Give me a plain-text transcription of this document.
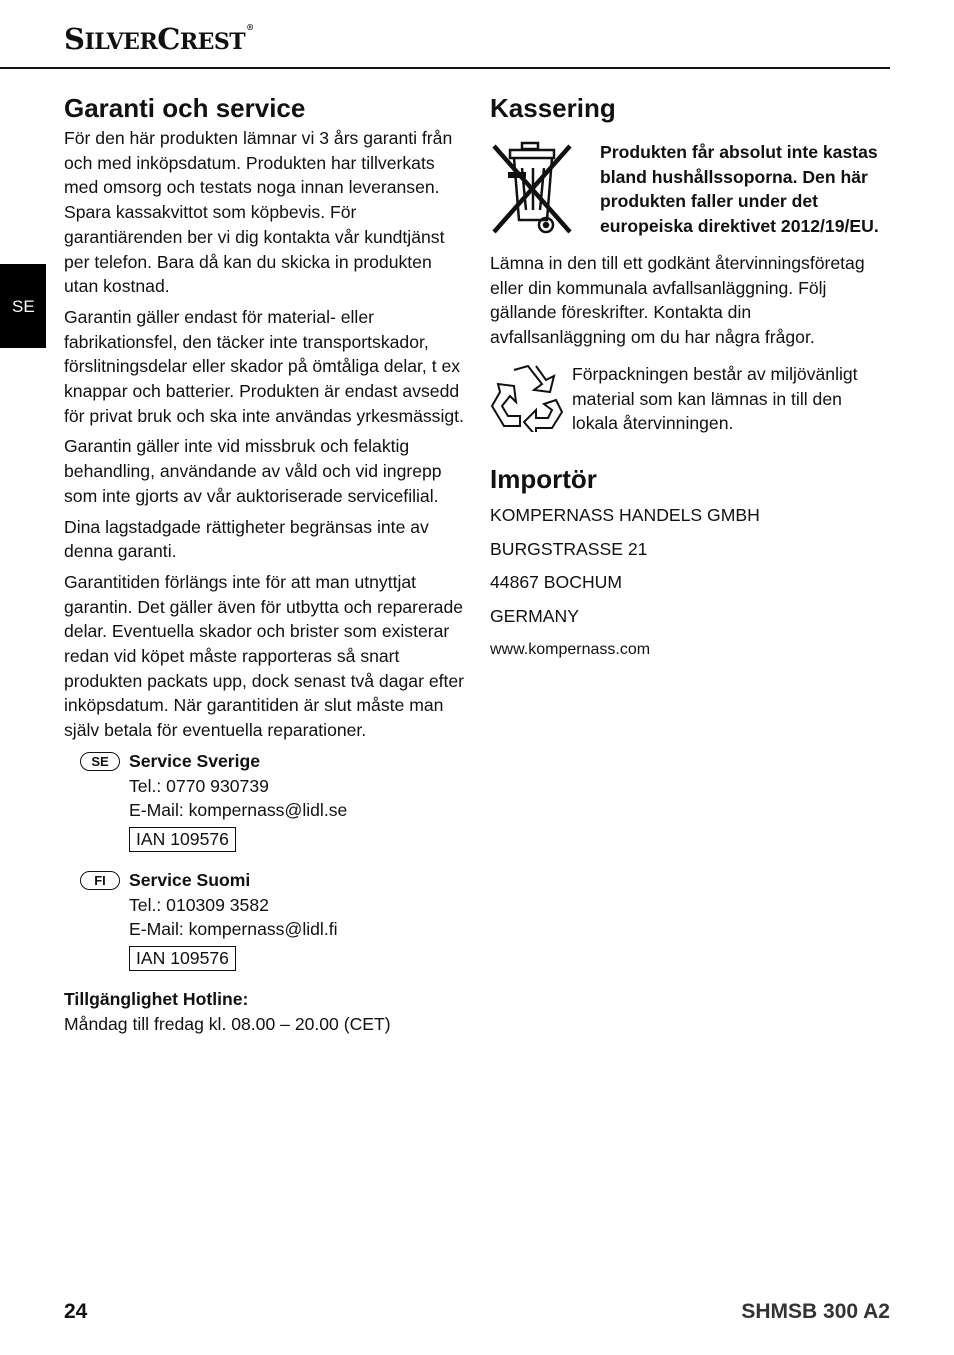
SILVERCREST®
SE
Garanti och service

För den här produkten lämnar vi 3 års garanti från och med inköpsdatum. Produkten har tillverkats med omsorg och testats noga innan leveransen. Spara kassakvittot som köpbevis. För garantiärenden ber vi dig kontakta vår kundtjänst per telefon. Bara då kan du skicka in produkten utan kostnad.

Garantin gäller endast för material- eller fabrikationsfel, den täcker inte transportskador, förslitningsdelar eller skador på ömtåliga delar, t ex knappar och batterier. Produkten är endast avsedd för privat bruk och ska inte användas yrkesmässigt.

Garantin gäller inte vid missbruk och felaktig behandling, användande av våld och vid ingrepp som inte gjorts av vår auktoriserade servicefilial.

Dina lagstadgade rättigheter begränsas inte av denna garanti.

Garantitiden förlängs inte för att man utnyttjat garantin. Det gäller även för utbytta och reparerade delar. Eventuella skador och brister som existerar redan vid köpet måste rapporteras så snart produkten packats upp, dock senast två dagar efter inköpsdatum. När garantitiden är slut måste man själv betala för eventuella reparationer.

SE	Service Sverige

Tel.: 0770 930739

E-Mail: kompernass@lidl.se

IAN 109576
FI	Service Suomi

Tel.: 010309 3582

E-Mail: kompernass@lidl.fi

IAN 109576

Tillgänglighet Hotline:

Måndag till fredag kl. 08.00 – 20.00 (CET)

Kassering
Produkten får absolut inte kastas bland hushållssoporna. Den här produkten faller under det europeiska direktivet 2012/19/EU.

Lämna in den till ett godkänt återvinningsföretag eller din kommunala avfallsanläggning. Följ gällande föreskrifter. Kontakta din avfallsanläggning om du har några frågor.

Förpackningen består av miljövänligt material som kan lämnas in till den lokala återvinningen.

Importör

KOMPERNASS HANDELS GMBH

BURGSTRASSE 21

44867 BOCHUM

GERMANY

www.kompernass.com

24	SHMSB 300 A2
